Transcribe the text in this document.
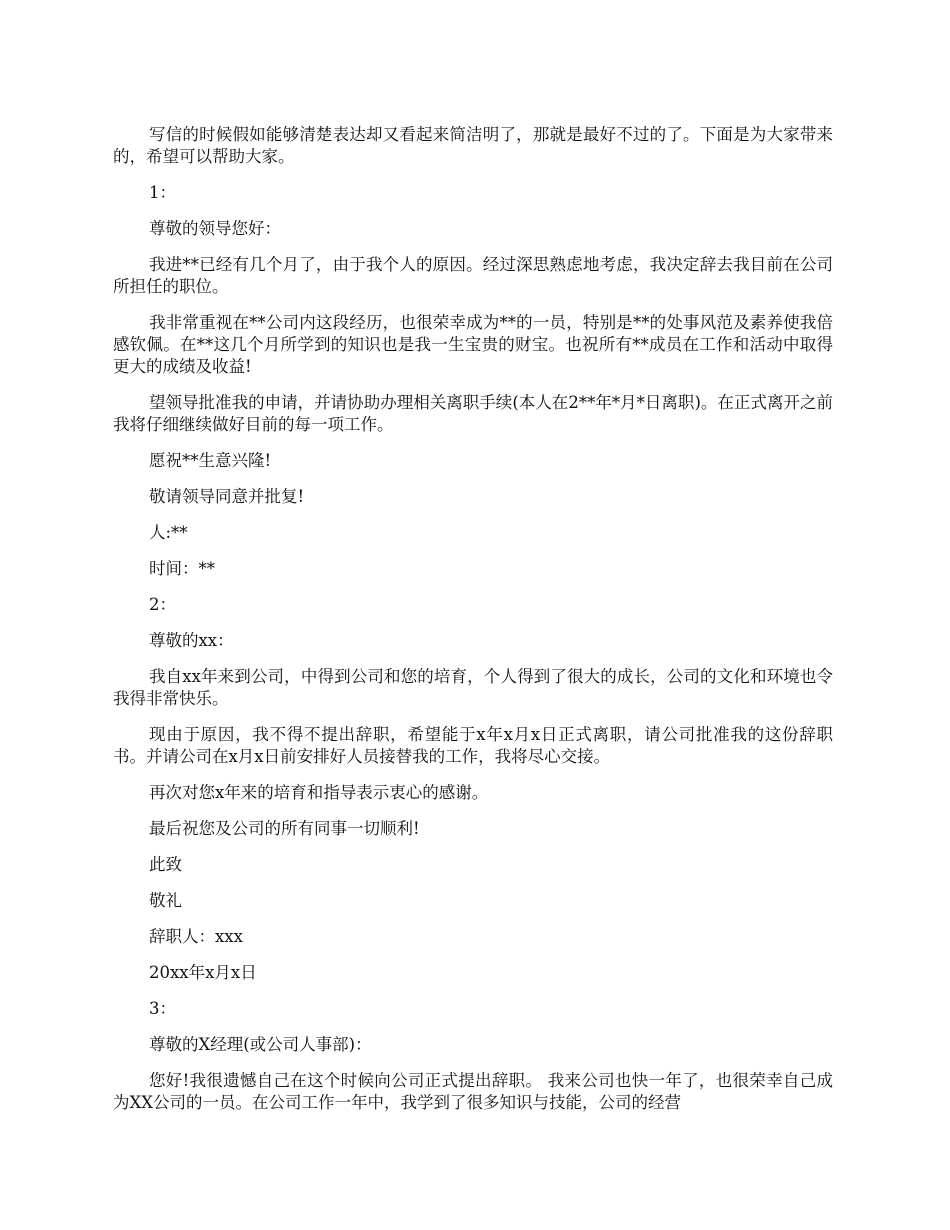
写信的时候假如能够清楚表达却又看起来简洁明了，那就是最好不过的了。下面是为大家带来的，希望可以帮助大家。

1：

尊敬的领导您好：

我进**已经有几个月了，由于我个人的原因。经过深思熟虑地考虑，我决定辞去我目前在公司所担任的职位。

我非常重视在**公司内这段经历，也很荣幸成为**的一员，特别是**的处事风范及素养使我倍感钦佩。在**这几个月所学到的知识也是我一生宝贵的财宝。也祝所有**成员在工作和活动中取得更大的成绩及收益!

望领导批准我的申请，并请协助办理相关离职手续(本人在2**年*月*日离职)。在正式离开之前我将仔细继续做好目前的每一项工作。

愿祝**生意兴隆!

敬请领导同意并批复!

人:**

时间：**

2：

尊敬的xx：

我自xx年来到公司，中得到公司和您的培育，个人得到了很大的成长，公司的文化和环境也令我得非常快乐。

现由于原因，我不得不提出辞职，希望能于x年x月x日正式离职，请公司批准我的这份辞职书。并请公司在x月x日前安排好人员接替我的工作，我将尽心交接。

再次对您x年来的培育和指导表示衷心的感谢。

最后祝您及公司的所有同事一切顺利!

此致

敬礼

辞职人：xxx

20xx年x月x日

3：

尊敬的X经理(或公司人事部)：

您好!我很遗憾自己在这个时候向公司正式提出辞职。 我来公司也快一年了，也很荣幸自己成为XX公司的一员。在公司工作一年中，我学到了很多知识与技能，公司的经营
